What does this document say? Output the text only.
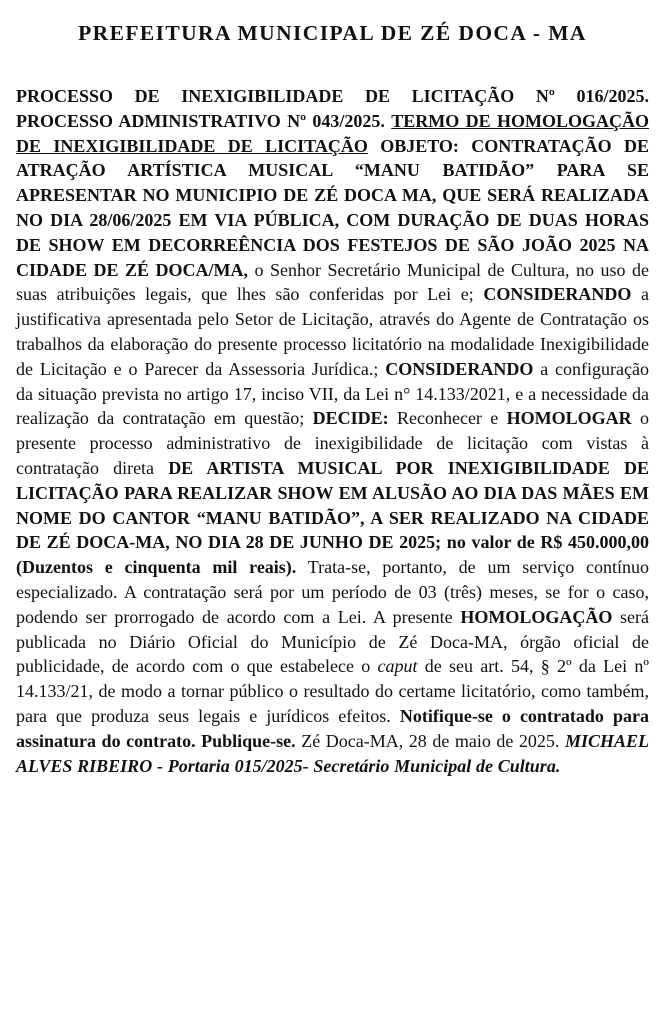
PREFEITURA MUNICIPAL DE ZÉ DOCA - MA
PROCESSO DE INEXIGIBILIDADE DE LICITAÇÃO Nº 016/2025. PROCESSO ADMINISTRATIVO Nº 043/2025. TERMO DE HOMOLOGAÇÃO DE INEXIGIBILIDADE DE LICITAÇÃO OBJETO: CONTRATAÇÃO DE ATRAÇÃO ARTÍSTICA MUSICAL “MANU BATIDÃO” PARA SE APRESENTAR NO MUNICIPIO DE ZÉ DOCA MA, QUE SERÁ REALIZADA NO DIA 28/06/2025 EM VIA PÚBLICA, COM DURAÇÃO DE DUAS HORAS DE SHOW EM DECORREÊNCIA DOS FESTEJOS DE SÃO JOÃO 2025 NA CIDADE DE ZÉ DOCA/MA, o Senhor Secretário Municipal de Cultura, no uso de suas atribuições legais, que lhes são conferidas por Lei e; CONSIDERANDO a justificativa apresentada pelo Setor de Licitação, através do Agente de Contratação os trabalhos da elaboração do presente processo licitatório na modalidade Inexigibilidade de Licitação e o Parecer da Assessoria Jurídica.; CONSIDERANDO a configuração da situação prevista no artigo 17, inciso VII, da Lei n° 14.133/2021, e a necessidade da realização da contratação em questão; DECIDE: Reconhecer e HOMOLOGAR o presente processo administrativo de inexigibilidade de licitação com vistas à contratação direta DE ARTISTA MUSICAL POR INEXIGIBILIDADE DE LICITAÇÃO PARA REALIZAR SHOW EM ALUSÃO AO DIA DAS MÃES EM NOME DO CANTOR “MANU BATIDÃO”, A SER REALIZADO NA CIDADE DE ZÉ DOCA-MA, NO DIA 28 DE JUNHO DE 2025; no valor de R$ 450.000,00 (Duzentos e cinquenta mil reais). Trata-se, portanto, de um serviço contínuo especializado. A contratação será por um período de 03 (três) meses, se for o caso, podendo ser prorrogado de acordo com a Lei. A presente HOMOLOGAÇÃO será publicada no Diário Oficial do Município de Zé Doca-MA, órgão oficial de publicidade, de acordo com o que estabelece o caput de seu art. 54, § 2º da Lei nº 14.133/21, de modo a tornar público o resultado do certame licitatório, como também, para que produza seus legais e jurídicos efeitos. Notifique-se o contratado para assinatura do contrato. Publique-se. Zé Doca-MA, 28 de maio de 2025. MICHAEL ALVES RIBEIRO - Portaria 015/2025- Secretário Municipal de Cultura.
